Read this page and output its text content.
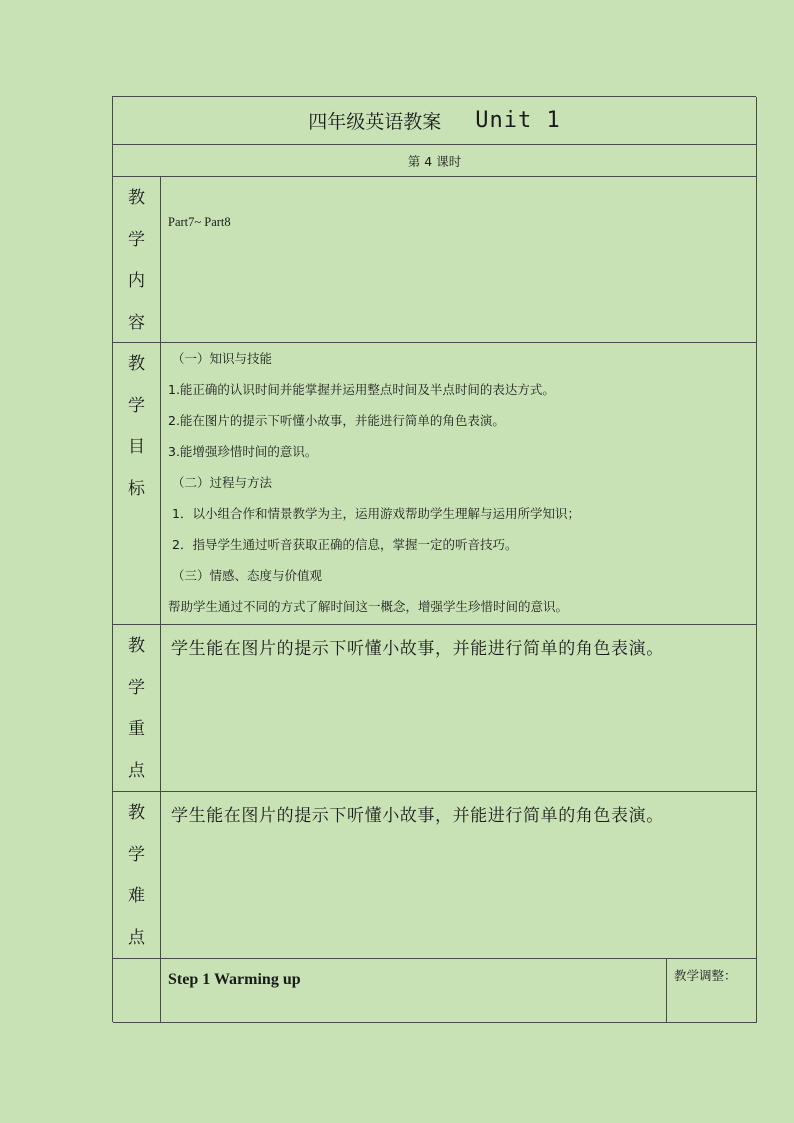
四年级英语教案 Unit 1
第 4 课时
教
学
内
容
Part7~ Part8
教
学
目
标
（一）知识与技能
1.能正确的认识时间并能掌握并运用整点时间及半点时间的表达方式。
2.能在图片的提示下听懂小故事，并能进行简单的角色表演。
3.能增强珍惜时间的意识。
（二）过程与方法
1．以小组合作和情景教学为主，运用游戏帮助学生理解与运用所学知识；
2．指导学生通过听音获取正确的信息，掌握一定的听音技巧。
（三）情感、态度与价值观
帮助学生通过不同的方式了解时间这一概念，增强学生珍惜时间的意识。
教
学
重
点
学生能在图片的提示下听懂小故事，并能进行简单的角色表演。
教
学
难
点
学生能在图片的提示下听懂小故事，并能进行简单的角色表演。
Step 1 Warming up	教学调整：
